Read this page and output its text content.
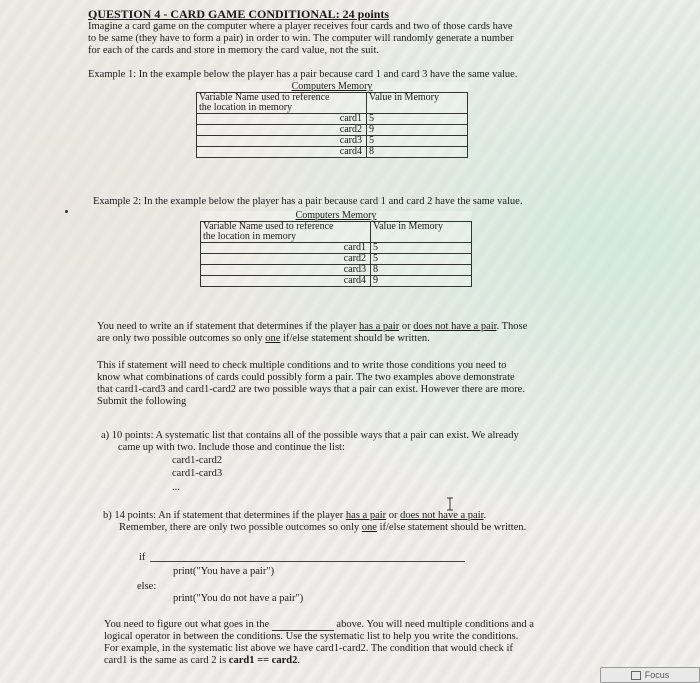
QUESTION 4 - CARD GAME CONDITIONAL: 24 points
Imagine a card game on the computer where a player receives four cards and two of those cards have
to be same (they have to form a pair) in order to win. The computer will randomly generate a number
for each of the cards and store in memory the card value, not the suit.
Example 1: In the example below the player has a pair because card 1 and card 3 have the same value.
Computers Memory	

Variable Name used to reference
the location in memory	Value in Memory
card1	5
card2	9
card3	5
card4	8
Example 2: In the example below the player has a pair because card 1 and card 2 have the same value.
Computers Memory	

Variable Name used to reference
the location in memory	Value in Memory
card1	5
card2	5
card3	8
card4	9
You need to write an if statement that determines if the player has a pair or does not have a pair. Those
are only two possible outcomes so only one if/else statement should be written.
This if statement will need to check multiple conditions and to write those conditions you need to
know what combinations of cards could possibly form a pair. The two examples above demonstrate
that card1-card3 and card1-card2 are two possible ways that a pair can exist. However there are more.
Submit the following
a) 10 points: A systematic list that contains all of the possible ways that a pair can exist. We already
came up with two. Include those and continue the list:
card1-card2
card1-card3
...
b) 14 points: An if statement that determines if the player has a pair or does not have a pair.
Remember, there are only two possible outcomes so only one if/else statement should be written.
if
print("You have a pair")
else:
print("You do not have a pair")
You need to figure out what goes in the	above. You will need multiple conditions and a
logical operator in between the conditions. Use the systematic list to help you write the conditions.
For example, in the systematic list above we have card1-card2. The condition that would check if
card1 is the same as card 2 is card1 == card2.
Focus
